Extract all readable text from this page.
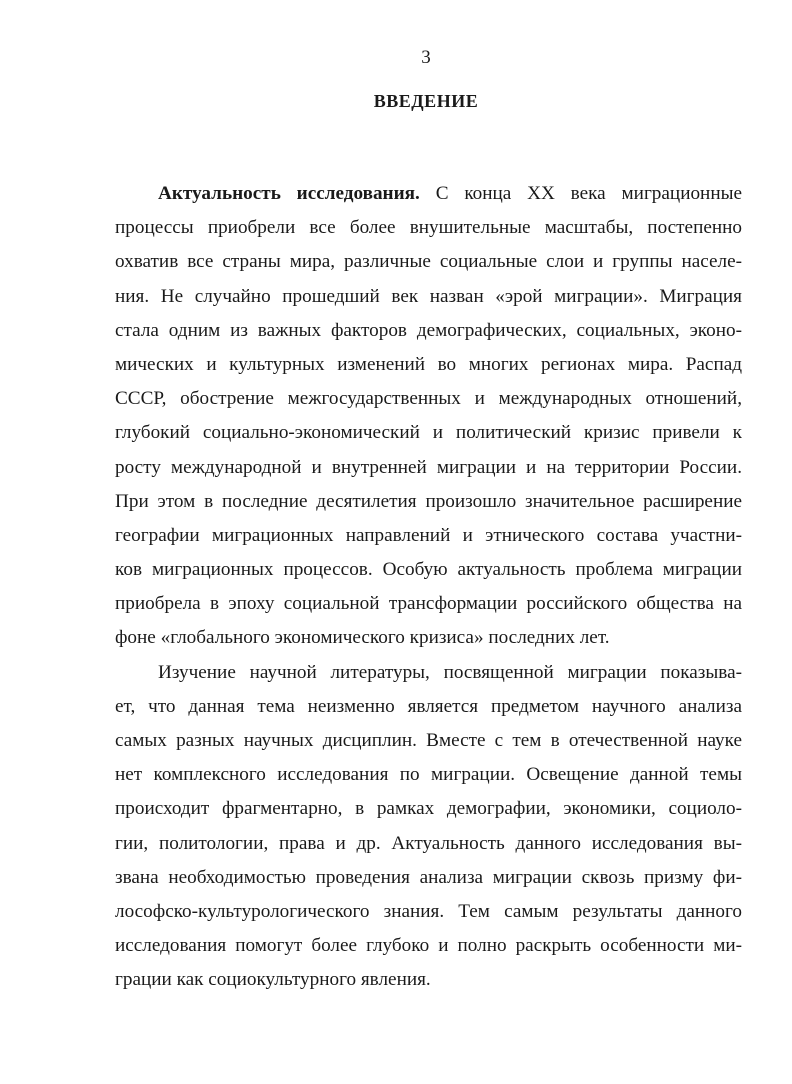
3
ВВЕДЕНИЕ
Актуальность исследования. С конца XX века миграционные
процессы приобрели все более внушительные масштабы, постепенно
охватив все страны мира, различные социальные слои и группы населе-
ния. Не случайно прошедший век назван «эрой миграции». Миграция
стала одним из важных факторов демографических, социальных, эконо-
мических и культурных изменений во многих регионах мира. Распад
СССР, обострение межгосударственных и международных отношений,
глубокий социально-экономический и политический кризис привели к
росту международной и внутренней миграции и на территории России.
При этом в последние десятилетия произошло значительное расширение
географии миграционных направлений и этнического состава участни-
ков миграционных процессов. Особую актуальность проблема миграции
приобрела в эпоху социальной трансформации российского общества на
фоне «глобального экономического кризиса» последних лет.
Изучение научной литературы, посвященной миграции показыва-
ет, что данная тема неизменно является предметом научного анализа
самых разных научных дисциплин. Вместе с тем в отечественной науке
нет комплексного исследования по миграции. Освещение данной темы
происходит фрагментарно, в рамках демографии, экономики, социоло-
гии, политологии, права и др. Актуальность данного исследования вы-
звана необходимостью проведения анализа миграции сквозь призму фи-
лософско-культурологического знания. Тем самым результаты данного
исследования помогут более глубоко и полно раскрыть особенности ми-
грации как социокультурного явления.
